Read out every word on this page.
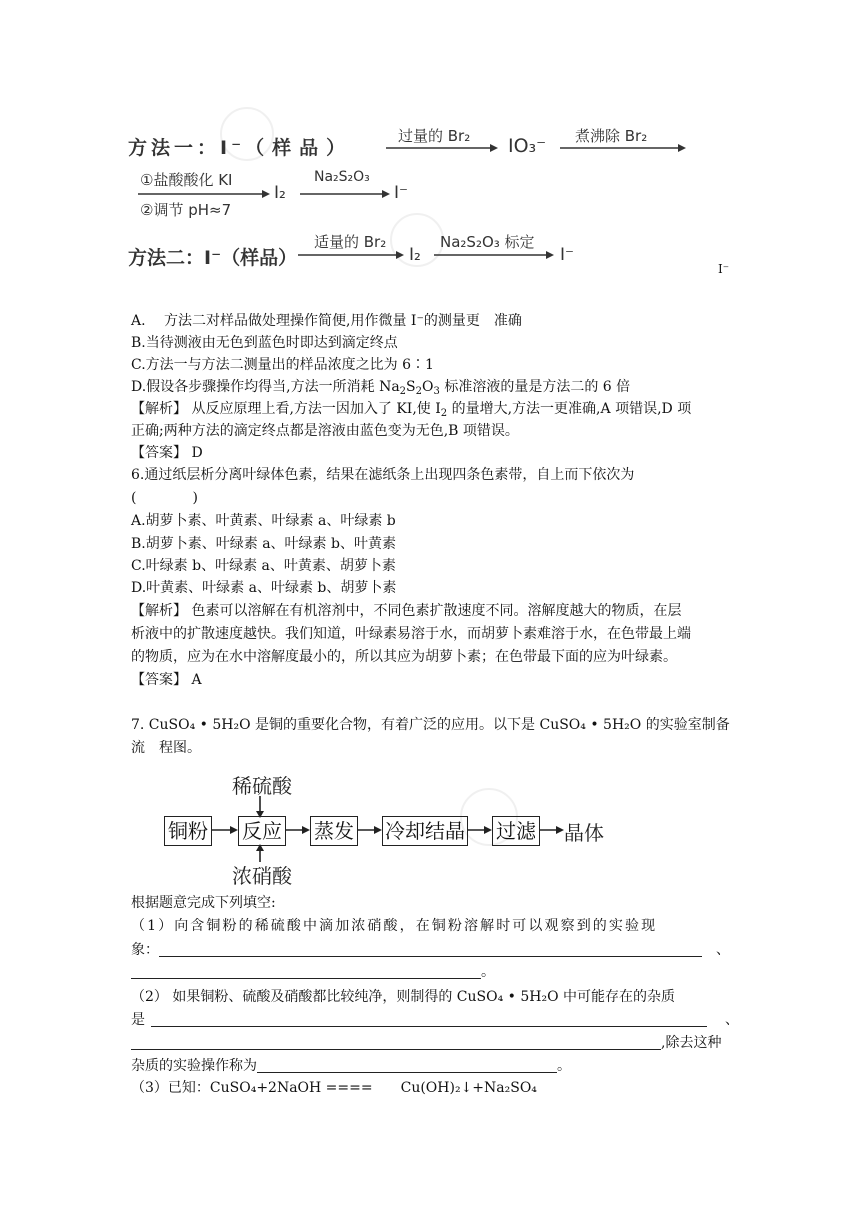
方法一：I⁻（样品）
过量的 Br₂ IO₃⁻ 煮沸除 Br₂
①盐酸酸化 KI
②调节 pH≈7
I₂
Na₂S₂O₃
I⁻
方法二：I⁻（样品）
适量的 Br₂
I₂
Na₂S₂O₃ 标定
I⁻
I⁻
A.　 方法二对样品做处理操作简便,用作微量 I⁻的测量更　准确
B.当待测液由无色到蓝色时即达到滴定终点
C.方法一与方法二测量出的样品浓度之比为 6∶1
D.假设各步骤操作均得当,方法一所消耗 $Na_2S_2O_3$ 标准溶液的量是方法二的 6 倍
【解析】 从反应原理上看,方法一因加入了 KI,使 $I_2$ 的量增大,方法一更准确,A 项错误,D 项
正确;两种方法的滴定终点都是溶液由蓝色变为无色,B 项错误。
【答案】 D
6.通过纸层析分离叶绿体色素，结果在滤纸条上出现四条色素带，自上而下依次为
(　　　　)
A.胡萝卜素、叶黄素、叶绿素 a、叶绿素 b
B.胡萝卜素、叶绿素 a、叶绿素 b、叶黄素
C.叶绿素 b、叶绿素 a、叶黄素、胡萝卜素
D.叶黄素、叶绿素 a、叶绿素 b、胡萝卜素
【解析】 色素可以溶解在有机溶剂中，不同色素扩散速度不同。溶解度越大的物质，在层
析液中的扩散速度越快。我们知道，叶绿素易溶于水，而胡萝卜素难溶于水，在色带最上端
的物质，应为在水中溶解度最小的，所以其应为胡萝卜素；在色带最下面的应为叶绿素。
【答案】 A
7. CuSO₄ • 5H₂O 是铜的重要化合物，有着广泛的应用。以下是 CuSO₄ • 5H₂O 的实验室制备
流　程图。
稀硫酸
铜粉 反应 蒸发 冷却结晶 过滤 晶体
浓硝酸
根据题意完成下列填空:
（1）向含铜粉的稀硫酸中滴加浓硝酸，在铜粉溶解时可以观察到的实验现
象：	、
。
（2） 如果铜粉、硫酸及硝酸都比较纯净，则制得的 CuSO₄ • 5H₂O 中可能存在的杂质
是	、
,除去这种
杂质的实验操作称为	。
（3）已知：CuSO₄+2NaOH ====　　Cu(OH)₂↓+Na₂SO₄
